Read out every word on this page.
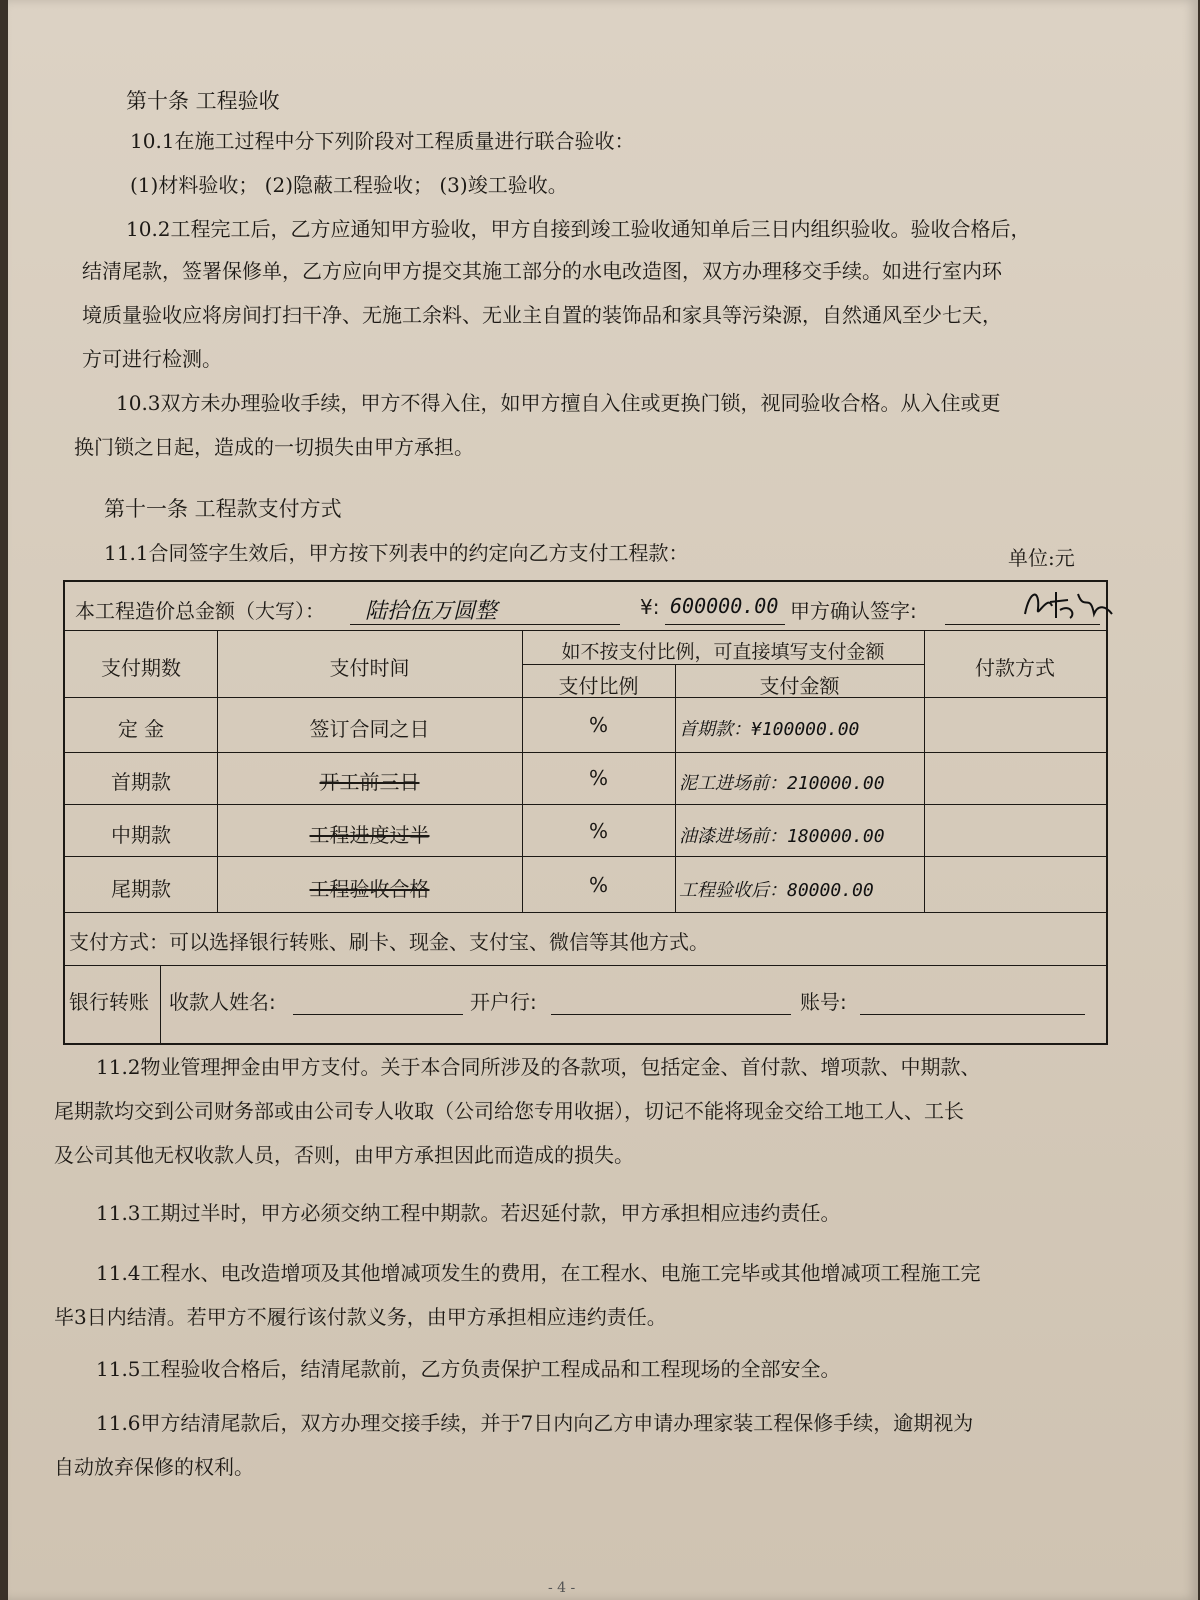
第十条 工程验收
10.1在施工过程中分下列阶段对工程质量进行联合验收：
(1)材料验收； (2)隐蔽工程验收； (3)竣工验收。
10.2工程完工后，乙方应通知甲方验收，甲方自接到竣工验收通知单后三日内组织验收。验收合格后，
结清尾款，签署保修单，乙方应向甲方提交其施工部分的水电改造图，双方办理移交手续。如进行室内环
境质量验收应将房间打扫干净、无施工余料、无业主自置的装饰品和家具等污染源，自然通风至少七天，
方可进行检测。
10.3双方未办理验收手续，甲方不得入住，如甲方擅自入住或更换门锁，视同验收合格。从入住或更
换门锁之日起，造成的一切损失由甲方承担。
第十一条 工程款支付方式
11.1合同签字生效后，甲方按下列表中的约定向乙方支付工程款：	单位:元
本工程造价总金额（大写）： 陆拾伍万圆整	¥: 600000.00 甲方确认签字:
支付期数	支付时间
如不按支付比例，可直接填写支付金额
支付比例	支付金额
付款方式
定 金	签订合同之日	%	首期款：¥100000.00
首期款	开工前三日	%	泥工进场前：210000.00
中期款	工程进度过半	%	油漆进场前：180000.00
尾期款	工程验收合格	%	工程验收后：80000.00
支付方式：可以选择银行转账、刷卡、现金、支付宝、微信等其他方式。
银行转账 收款人姓名:	开户行:	账号:
11.2物业管理押金由甲方支付。关于本合同所涉及的各款项，包括定金、首付款、增项款、中期款、
尾期款均交到公司财务部或由公司专人收取（公司给您专用收据），切记不能将现金交给工地工人、工长
及公司其他无权收款人员，否则，由甲方承担因此而造成的损失。
11.3工期过半时，甲方必须交纳工程中期款。若迟延付款，甲方承担相应违约责任。
11.4工程水、电改造增项及其他增减项发生的费用，在工程水、电施工完毕或其他增减项工程施工完
毕3日内结清。若甲方不履行该付款义务，由甲方承担相应违约责任。
11.5工程验收合格后，结清尾款前，乙方负责保护工程成品和工程现场的全部安全。
11.6甲方结清尾款后，双方办理交接手续，并于7日内向乙方申请办理家装工程保修手续，逾期视为
自动放弃保修的权利。
- 4 -
